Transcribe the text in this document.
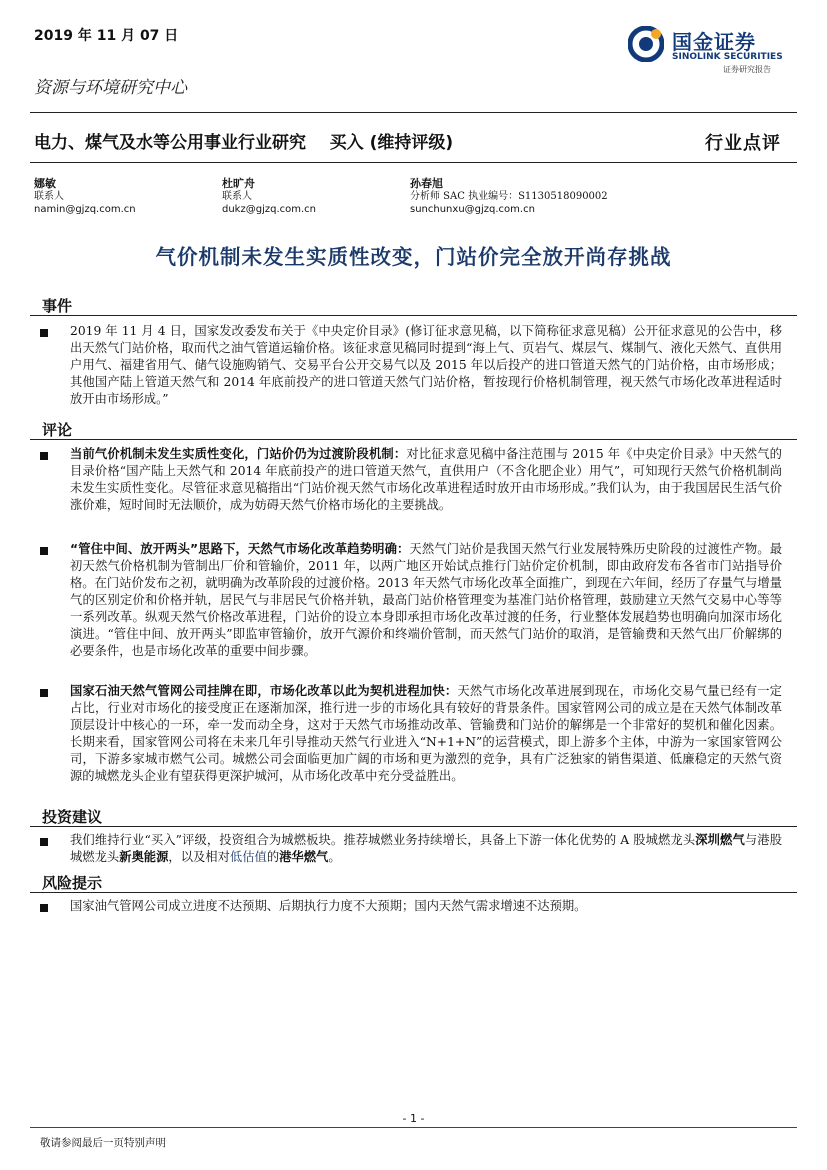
2019 年 11 月 07 日	国金证券
SINOLINK SECURITIES
证券研究报告
资源与环境研究中心
电力、煤气及水等公用事业行业研究    买入 (维持评级)	行业点评
娜敏
联系人
namin@gjzq.com.cn
杜旷舟
联系人
dukz@gjzq.com.cn
孙春旭
分析师 SAC 执业编号：S1130518090002
sunchunxu@gjzq.com.cn
气价机制未发生实质性改变，门站价完全放开尚存挑战
事件
2019 年 11 月 4 日，国家发改委发布关于《中央定价目录》(修订征求意见稿，以下简称征求意见稿）公开征求意见的公告中，移出天然气门站价格，取而代之油气管道运输价格。该征求意见稿同时提到“海上气、页岩气、煤层气、煤制气、液化天然气、直供用户用气、福建省用气、储气设施购销气、交易平台公开交易气以及 2015 年以后投产的进口管道天然气的门站价格，由市场形成；其他国产陆上管道天然气和 2014 年底前投产的进口管道天然气门站价格，暂按现行价格机制管理，视天然气市场化改革进程适时放开由市场形成。”
评论
当前气价机制未发生实质性变化，门站价仍为过渡阶段机制：对比征求意见稿中备注范围与 2015 年《中央定价目录》中天然气的目录价格“国产陆上天然气和 2014 年底前投产的进口管道天然气，直供用户（不含化肥企业）用气”，可知现行天然气价格机制尚未发生实质性变化。尽管征求意见稿指出“门站价视天然气市场化改革进程适时放开由市场形成。”我们认为，由于我国居民生活气价涨价难，短时间时无法顺价，成为妨碍天然气价格市场化的主要挑战。
“管住中间、放开两头”思路下，天然气市场化改革趋势明确：天然气门站价是我国天然气行业发展特殊历史阶段的过渡性产物。最初天然气价格机制为管制出厂价和管输价，2011 年，以两广地区开始试点推行门站价定价机制，即由政府发布各省市门站指导价格。在门站价发布之初，就明确为改革阶段的过渡价格。2013 年天然气市场化改革全面推广，到现在六年间，经历了存量气与增量气的区别定价和价格并轨，居民气与非居民气价格并轨，最高门站价格管理变为基准门站价格管理，鼓励建立天然气交易中心等等一系列改革。纵观天然气价格改革进程，门站价的设立本身即承担市场化改革过渡的任务，行业整体发展趋势也明确向加深市场化演进。“管住中间、放开两头”即监审管输价，放开气源价和终端价管制，而天然气门站价的取消，是管输费和天然气出厂价解绑的必要条件，也是市场化改革的重要中间步骤。
国家石油天然气管网公司挂牌在即，市场化改革以此为契机进程加快：天然气市场化改革进展到现在，市场化交易气量已经有一定占比，行业对市场化的接受度正在逐渐加深，推行进一步的市场化具有较好的背景条件。国家管网公司的成立是在天然气体制改革顶层设计中核心的一环，牵一发而动全身，这对于天然气市场推动改革、管输费和门站价的解绑是一个非常好的契机和催化因素。长期来看，国家管网公司将在未来几年引导推动天然气行业进入“N+1+N”的运营模式，即上游多个主体，中游为一家国家管网公司，下游多家城市燃气公司。城燃公司会面临更加广阔的市场和更为激烈的竞争，具有广泛独家的销售渠道、低廉稳定的天然气资源的城燃龙头企业有望获得更深护城河，从市场化改革中充分受益胜出。
投资建议
我们维持行业“买入”评级，投资组合为城燃板块。推荐城燃业务持续增长，具备上下游一体化优势的 A 股城燃龙头深圳燃气与港股城燃龙头新奥能源，以及相对低估值的港华燃气。
风险提示
国家油气管网公司成立进度不达预期、后期执行力度不大预期；国内天然气需求增速不达预期。
- 1 -
敬请参阅最后一页特别声明
